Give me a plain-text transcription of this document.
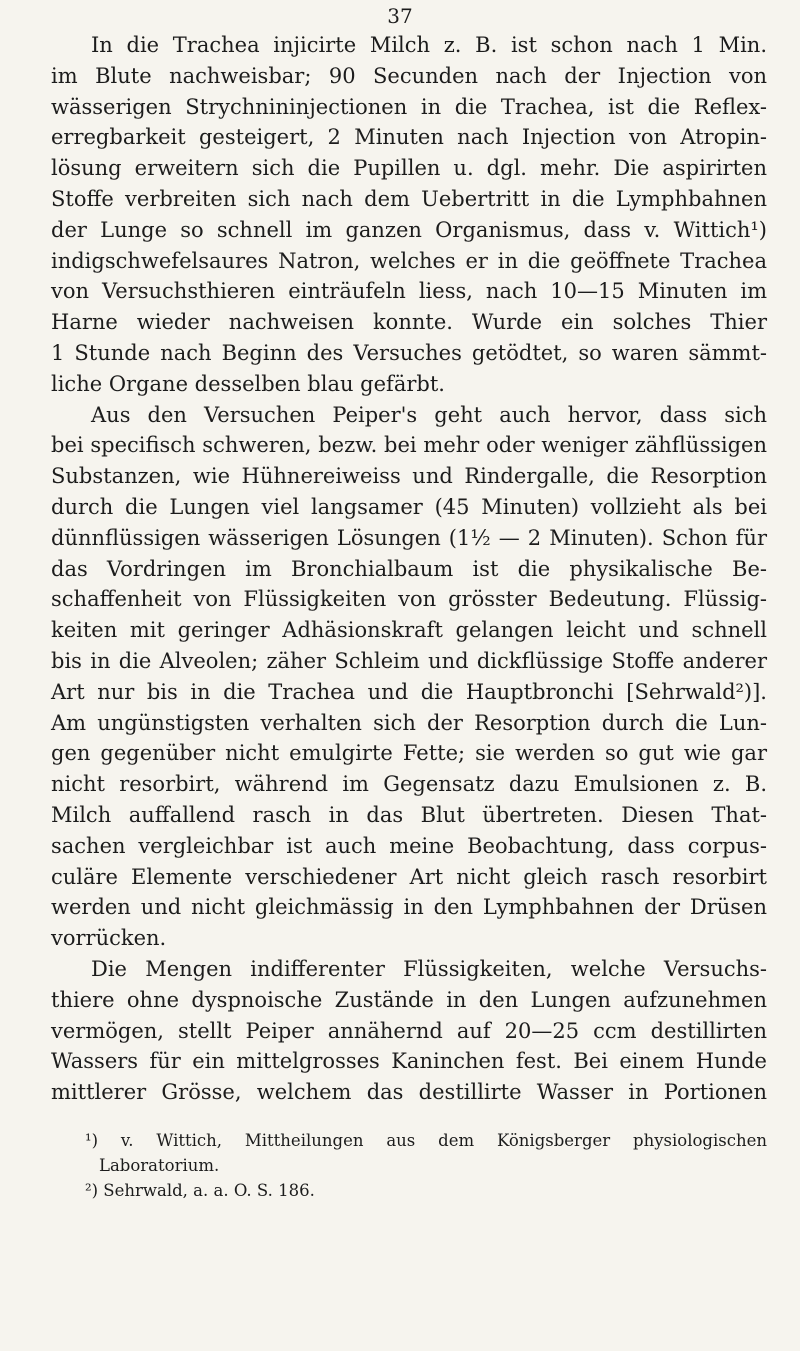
37
In die Trachea injicirte Milch z. B. ist schon nach 1 Min.
im Blute nachweisbar; 90 Secunden nach der Injection von
wässerigen Strychnininjectionen in die Trachea, ist die Reflex-
erregbarkeit gesteigert, 2 Minuten nach Injection von Atropin-
lösung erweitern sich die Pupillen u. dgl. mehr. Die aspirirten
Stoffe verbreiten sich nach dem Uebertritt in die Lymphbahnen
der Lunge so schnell im ganzen Organismus, dass v. Wittich¹)
indigschwefelsaures Natron, welches er in die geöffnete Trachea
von Versuchsthieren einträufeln liess, nach 10—15 Minuten im
Harne wieder nachweisen konnte. Wurde ein solches Thier
1 Stunde nach Beginn des Versuches getödtet, so waren sämmt-
liche Organe desselben blau gefärbt.
Aus den Versuchen Peiper's geht auch hervor, dass sich
bei specifisch schweren, bezw. bei mehr oder weniger zähflüssigen
Substanzen, wie Hühnereiweiss und Rindergalle, die Resorption
durch die Lungen viel langsamer (45 Minuten) vollzieht als bei
dünnflüssigen wässerigen Lösungen (1½ — 2 Minuten). Schon für
das Vordringen im Bronchialbaum ist die physikalische Be-
schaffenheit von Flüssigkeiten von grösster Bedeutung. Flüssig-
keiten mit geringer Adhäsionskraft gelangen leicht und schnell
bis in die Alveolen; zäher Schleim und dickflüssige Stoffe anderer
Art nur bis in die Trachea und die Hauptbronchi [Sehrwald²)].
Am ungünstigsten verhalten sich der Resorption durch die Lun-
gen gegenüber nicht emulgirte Fette; sie werden so gut wie gar
nicht resorbirt, während im Gegensatz dazu Emulsionen z. B.
Milch auffallend rasch in das Blut übertreten. Diesen That-
sachen vergleichbar ist auch meine Beobachtung, dass corpus-
culäre Elemente verschiedener Art nicht gleich rasch resorbirt
werden und nicht gleichmässig in den Lymphbahnen der Drüsen
vorrücken.
Die Mengen indifferenter Flüssigkeiten, welche Versuchs-
thiere ohne dyspnoische Zustände in den Lungen aufzunehmen
vermögen, stellt Peiper annähernd auf 20—25 ccm destillirten
Wassers für ein mittelgrosses Kaninchen fest. Bei einem Hunde
mittlerer Grösse, welchem das destillirte Wasser in Portionen
¹) v. Wittich, Mittheilungen aus dem Königsberger physiologischen
Laboratorium.
²) Sehrwald, a. a. O. S. 186.
